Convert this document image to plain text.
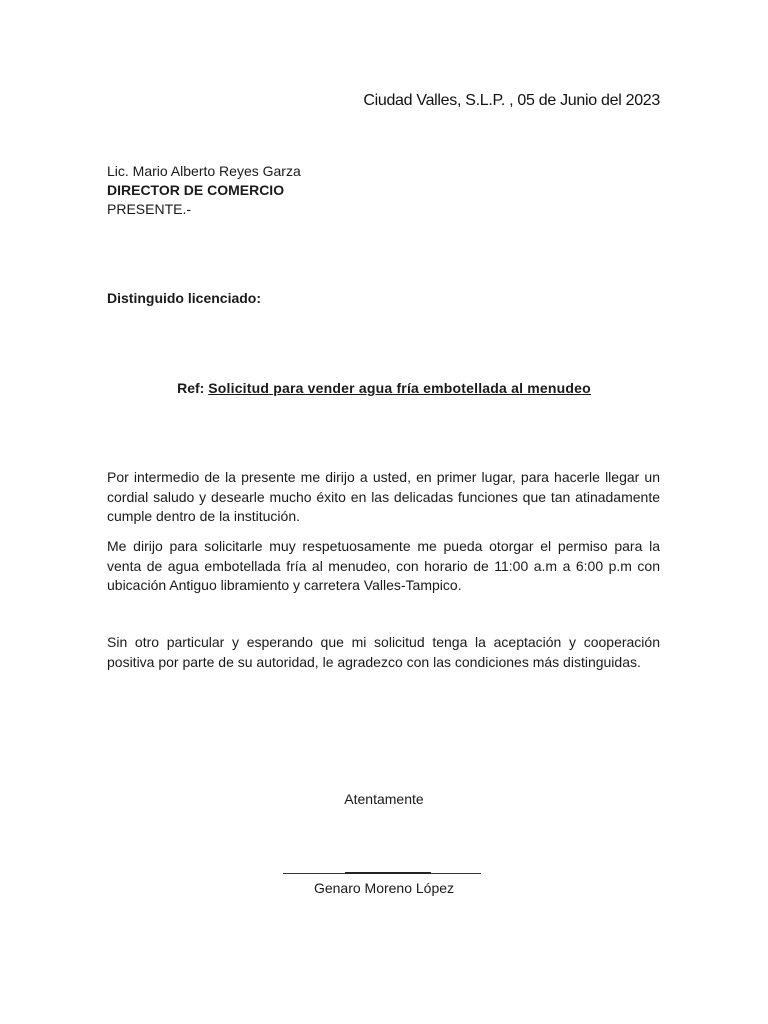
Ciudad Valles, S.L.P. , 05 de Junio del 2023
Lic. Mario Alberto Reyes Garza
DIRECTOR DE COMERCIO
PRESENTE.-
Distinguido licenciado:
Ref: Solicitud para vender agua fría embotellada al menudeo

Por intermedio de la presente me dirijo a usted, en primer lugar, para hacerle llegar un cordial saludo y desearle mucho éxito en las delicadas funciones que tan atinadamente cumple dentro de la institución.

Me dirijo para solicitarle muy respetuosamente me pueda otorgar el permiso para la venta de agua embotellada fría al menudeo, con horario de 11:00 a.m a 6:00 p.m con ubicación Antiguo libramiento y carretera Valles-Tampico.

Sin otro particular y esperando que mi solicitud tenga la aceptación y cooperación positiva por parte de su autoridad, le agradezco con las condiciones más distinguidas.

Atentamente
Genaro Moreno López
